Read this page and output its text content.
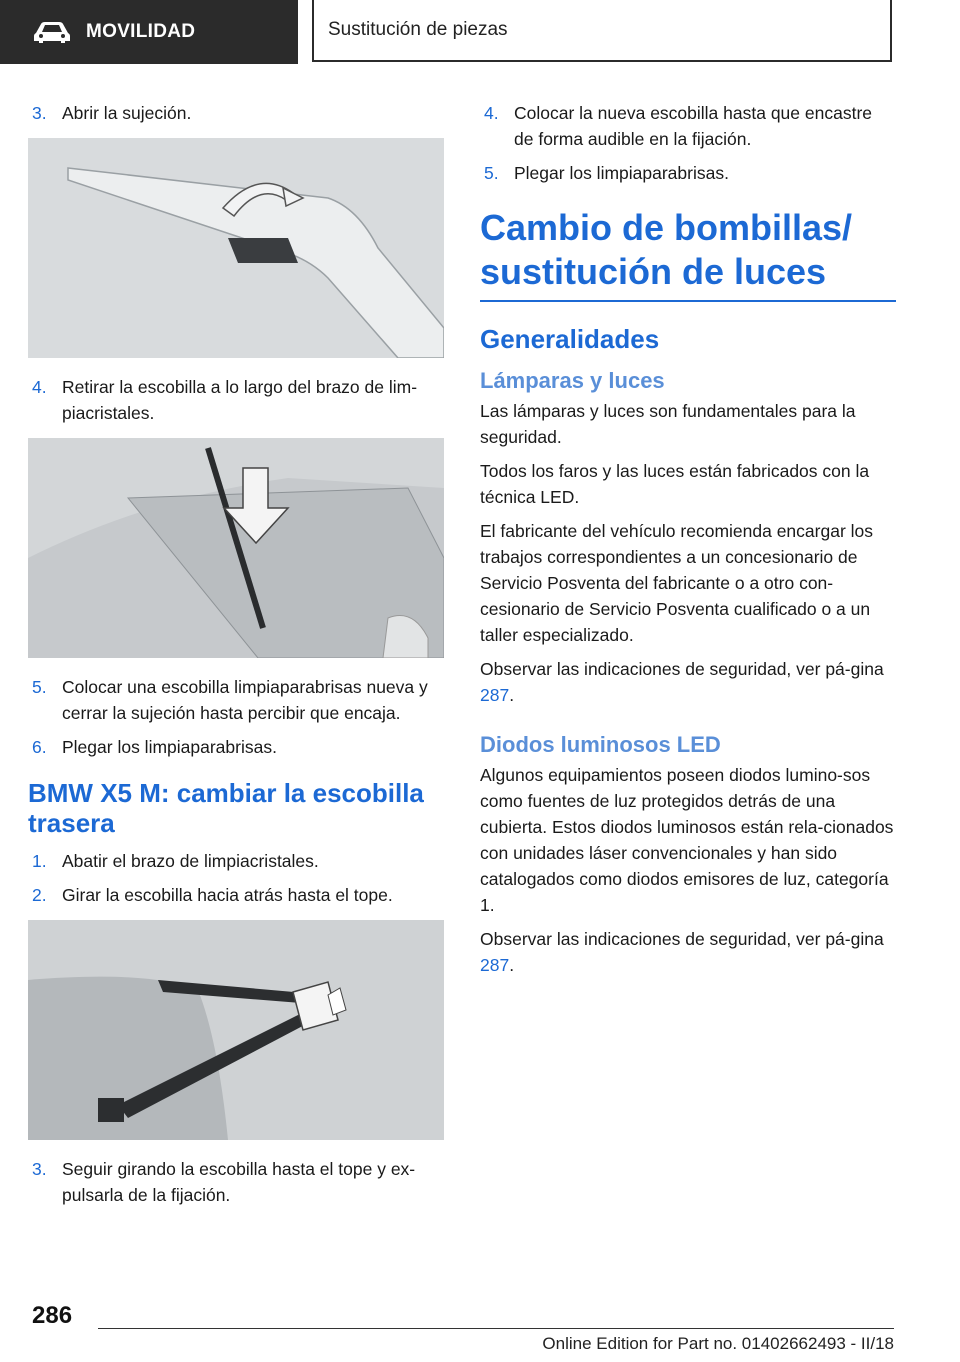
MOVILIDAD	Sustitución de piezas
3. Abrir la sujeción.
4. Retirar la escobilla a lo largo del brazo de lim-piacristales.
5. Colocar una escobilla limpiaparabrisas nueva y cerrar la sujeción hasta percibir que encaja.
6. Plegar los limpiaparabrisas.
BMW X5 M: cambiar la escobilla trasera
1. Abatir el brazo de limpiacristales.
2. Girar la escobilla hacia atrás hasta el tope.
3. Seguir girando la escobilla hasta el tope y ex-pulsarla de la fijación.
4. Colocar la nueva escobilla hasta que encastre de forma audible en la fijación.
5. Plegar los limpiaparabrisas.
Cambio de bombillas/ sustitución de luces
Generalidades
Lámparas y luces

Las lámparas y luces son fundamentales para la seguridad.

Todos los faros y las luces están fabricados con la técnica LED.

El fabricante del vehículo recomienda encargar los trabajos correspondientes a un concesionario de Servicio Posventa del fabricante o a otro con-cesionario de Servicio Posventa cualificado o a un taller especializado.

Observar las indicaciones de seguridad, ver pá-gina 287.

Diodos luminosos LED

Algunos equipamientos poseen diodos lumino-sos como fuentes de luz protegidos detrás de una cubierta. Estos diodos luminosos están rela-cionados con unidades láser convencionales y han sido catalogados como diodos emisores de luz, categoría 1.

Observar las indicaciones de seguridad, ver pá-gina 287.

286
Online Edition for Part no. 01402662493 - II/18
